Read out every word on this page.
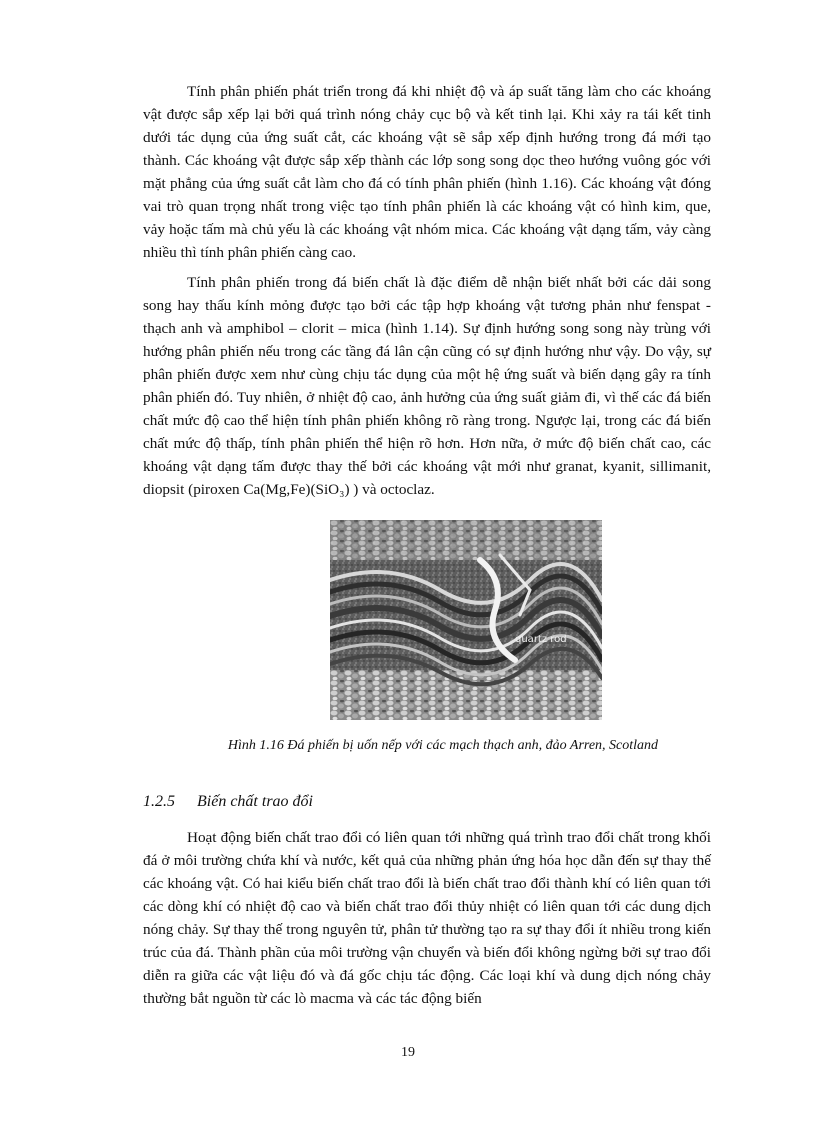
Tính phân phiến phát triển trong đá khi nhiệt độ và áp suất tăng làm cho các khoáng vật được sắp xếp lại bởi quá trình nóng chảy cục bộ và kết tinh lại. Khi xảy ra tái kết tinh dưới tác dụng của ứng suất cắt, các khoáng vật sẽ sắp xếp định hướng trong đá mới tạo thành. Các khoáng vật được sắp xếp thành các lớp song song dọc theo hướng vuông góc với mặt phẳng của ứng suất cắt làm cho đá có tính phân phiến (hình 1.16). Các khoáng vật đóng vai trò quan trọng nhất trong việc tạo tính phân phiến là các khoáng vật có hình kim, que, vảy hoặc tấm mà chủ yếu là các khoáng vật nhóm mica. Các khoáng vật dạng tấm, vảy càng nhiều thì tính phân phiến càng cao.

Tính phân phiến trong đá biến chất là đặc điểm dễ nhận biết nhất bởi các dải song song hay thấu kính mỏng được tạo bởi các tập hợp khoáng vật tương phản như fenspat - thạch anh và amphibol – clorit – mica (hình 1.14). Sự định hướng song song này trùng với hướng phân phiến nếu trong các tầng đá lân cận cũng có sự định hướng như vậy. Do vậy, sự phân phiến được xem như cùng chịu tác dụng của một hệ ứng suất và biến dạng gây ra tính phân phiến đó. Tuy nhiên, ở nhiệt độ cao, ảnh hưởng của ứng suất giảm đi, vì thế các đá biến chất mức độ cao thể hiện tính phân phiến không rõ ràng trong. Ngược lại, trong các đá biến chất mức độ thấp, tính phân phiến thể hiện rõ hơn. Hơn nữa, ở mức độ biến chất cao, các khoáng vật dạng tấm được thay thế bởi các khoáng vật mới như granat, kyanit, sillimanit, diopsit (piroxen Ca(Mg,Fe)(SiO₃) ) và octoclaz.

quartz rod

Hình 1.16 Đá phiến bị uốn nếp với các mạch thạch anh, đảo Arren, Scotland

1.2.5 Biến chất trao đổi

Hoạt động biến chất trao đổi có liên quan tới những quá trình trao đổi chất trong khối đá ở môi trường chứa khí và nước, kết quả của những phản ứng hóa học dẫn đến sự thay thế các khoáng vật. Có hai kiểu biến chất trao đổi là biến chất trao đổi thành khí có liên quan tới các dòng khí có nhiệt độ cao và biến chất trao đổi thủy nhiệt có liên quan tới các dung dịch nóng chảy. Sự thay thế trong nguyên tử, phân tử thường tạo ra sự thay đổi ít nhiều trong kiến trúc của đá. Thành phần của môi trường vận chuyển và biến đổi không ngừng bởi sự trao đổi diễn ra giữa các vật liệu đó và đá gốc chịu tác động. Các loại khí và dung dịch nóng chảy thường bắt nguồn từ các lò macma và các tác động biến

19
